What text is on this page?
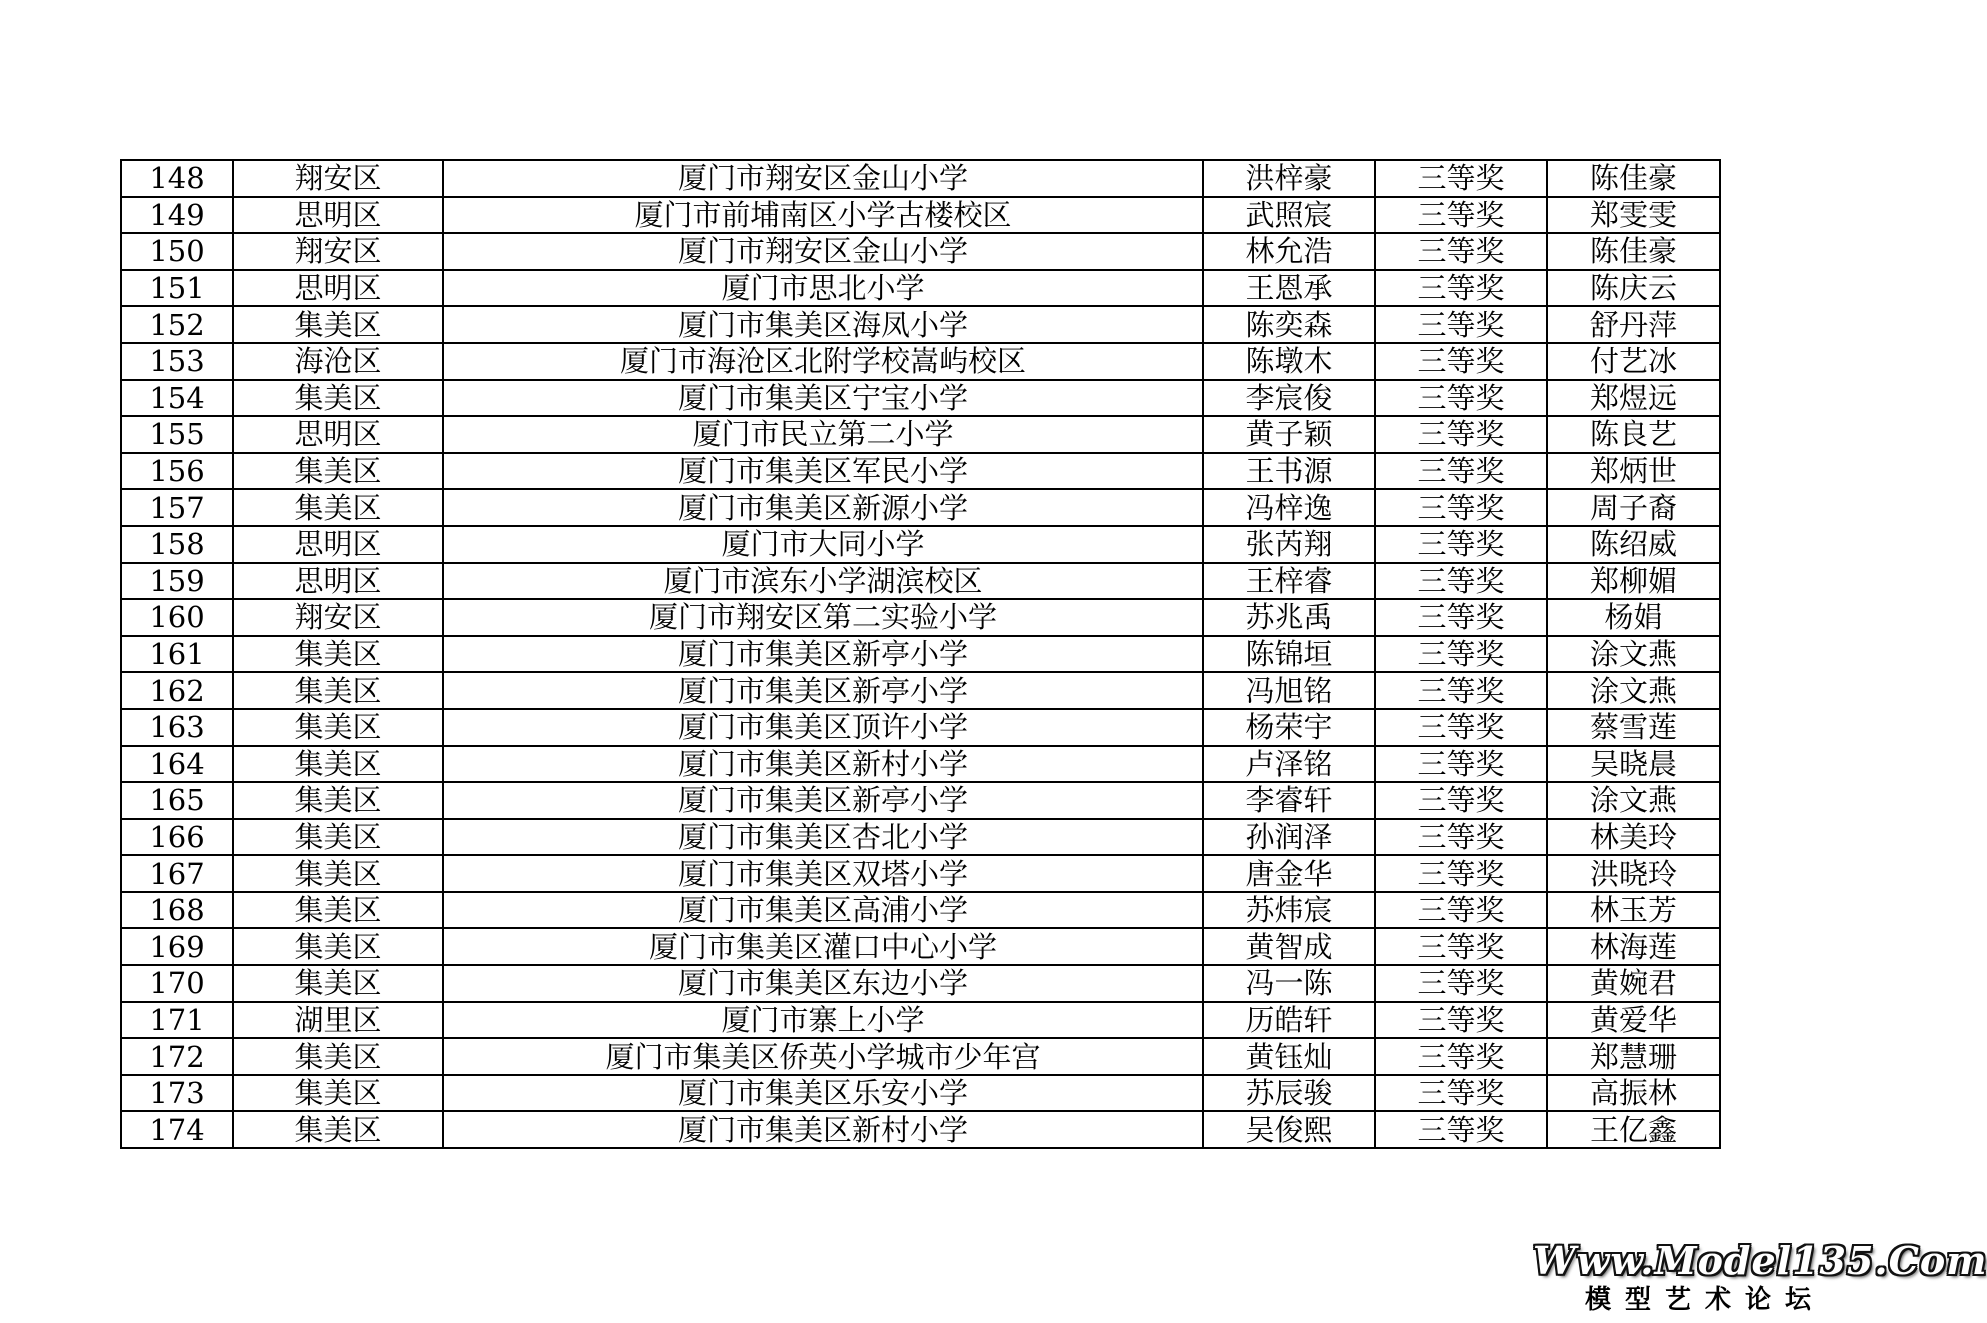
148	翔安区	厦门市翔安区金山小学	洪梓豪	三等奖	陈佳豪
149	思明区	厦门市前埔南区小学古楼校区	武照宸	三等奖	郑雯雯
150	翔安区	厦门市翔安区金山小学	林允浩	三等奖	陈佳豪
151	思明区	厦门市思北小学	王恩承	三等奖	陈庆云
152	集美区	厦门市集美区海凤小学	陈奕森	三等奖	舒丹萍
153	海沧区	厦门市海沧区北附学校嵩屿校区	陈墩木	三等奖	付艺冰
154	集美区	厦门市集美区宁宝小学	李宸俊	三等奖	郑煜远
155	思明区	厦门市民立第二小学	黄子颖	三等奖	陈良艺
156	集美区	厦门市集美区军民小学	王书源	三等奖	郑炳世
157	集美区	厦门市集美区新源小学	冯梓逸	三等奖	周子裔
158	思明区	厦门市大同小学	张芮翔	三等奖	陈绍威
159	思明区	厦门市滨东小学湖滨校区	王梓睿	三等奖	郑柳媚
160	翔安区	厦门市翔安区第二实验小学	苏兆禹	三等奖	杨娟
161	集美区	厦门市集美区新亭小学	陈锦垣	三等奖	涂文燕
162	集美区	厦门市集美区新亭小学	冯旭铭	三等奖	涂文燕
163	集美区	厦门市集美区顶许小学	杨荣宇	三等奖	蔡雪莲
164	集美区	厦门市集美区新村小学	卢泽铭	三等奖	吴晓晨
165	集美区	厦门市集美区新亭小学	李睿轩	三等奖	涂文燕
166	集美区	厦门市集美区杏北小学	孙润泽	三等奖	林美玲
167	集美区	厦门市集美区双塔小学	唐金华	三等奖	洪晓玲
168	集美区	厦门市集美区高浦小学	苏炜宸	三等奖	林玉芳
169	集美区	厦门市集美区灌口中心小学	黄智成	三等奖	林海莲
170	集美区	厦门市集美区东边小学	冯一陈	三等奖	黄婉君
171	湖里区	厦门市寨上小学	历皓轩	三等奖	黄爱华
172	集美区	厦门市集美区侨英小学城市少年宫	黄钰灿	三等奖	郑慧珊
173	集美区	厦门市集美区乐安小学	苏辰骏	三等奖	高振林
174	集美区	厦门市集美区新村小学	吴俊熙	三等奖	王亿鑫
Www.Model135.Com
模型艺术论坛
